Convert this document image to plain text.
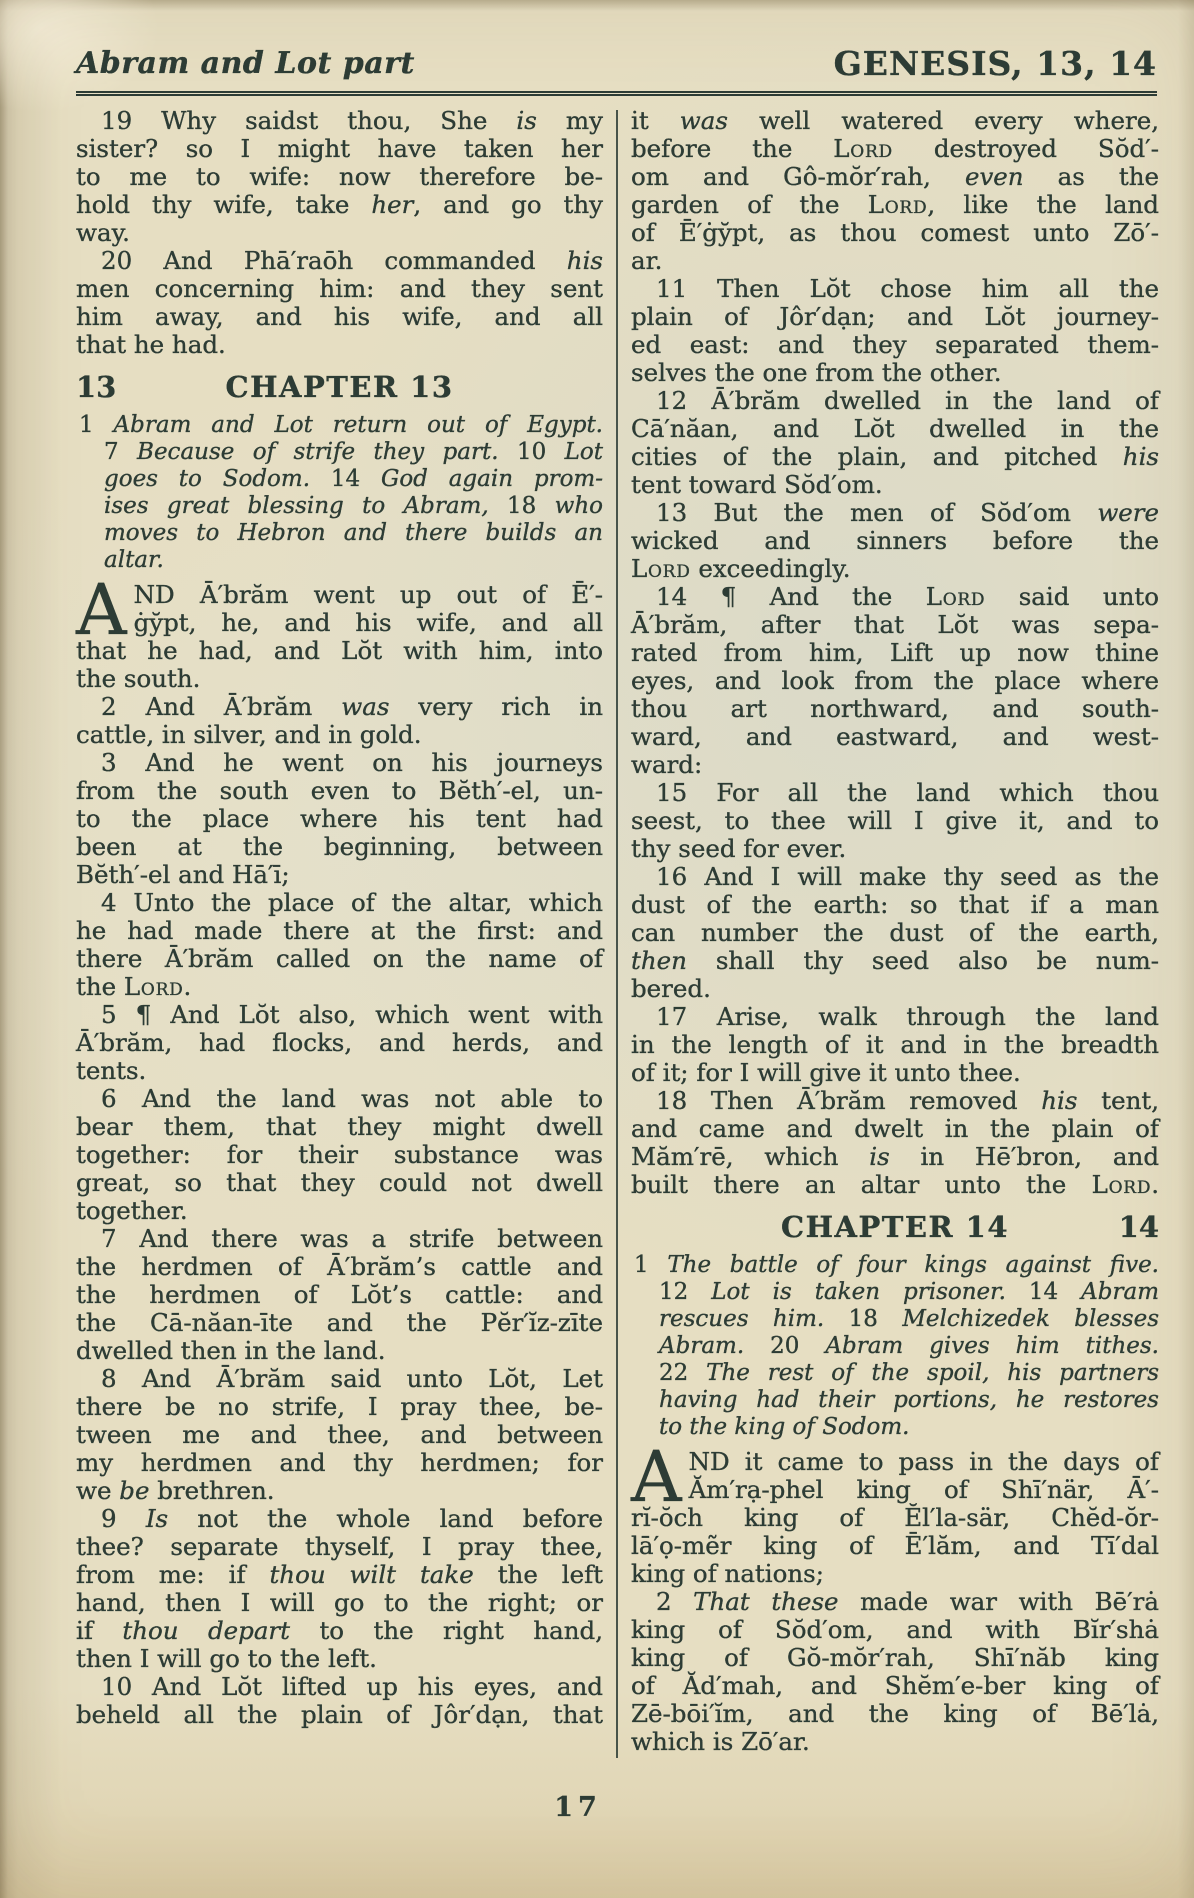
Abram and Lot part	GENESIS, 13, 14
19 Why saidst thou, She is my
sister? so I might have taken her
to me to wife: now therefore be-
hold thy wife, take her, and go thy
way.
20 And Phā′raōh commanded his
men concerning him: and they sent
him away, and his wife, and all
that he had.
13	CHAPTER 13
1 Abram and Lot return out of Egypt.
7 Because of strife they part. 10 Lot
goes to Sodom. 14 God again prom-
ises great blessing to Abram, 18 who
moves to Hebron and there builds an
altar.
A ND Ā′brăm went up out of Ē′-
ġy̆pt, he, and his wife, and all
that he had, and Lŏt with him, into
the south.
2 And Ā′brăm was very rich in
cattle, in silver, and in gold.
3 And he went on his journeys
from the south even to Bĕth′-el, un-
to the place where his tent had
been at the beginning, between
Bĕth′-el and Hā′ī;
4 Unto the place of the altar, which
he had made there at the first: and
there Ā′brăm called on the name of
the Lord.
5 ¶ And Lŏt also, which went with
Ā′brăm, had flocks, and herds, and
tents.
6 And the land was not able to
bear them, that they might dwell
together: for their substance was
great, so that they could not dwell
together.
7 And there was a strife between
the herdmen of Ā′brăm’s cattle and
the herdmen of Lŏt’s cattle: and
the Cā-năan-īte and the Pĕr′ĭz-zīte
dwelled then in the land.
8 And Ā′brăm said unto Lŏt, Let
there be no strife, I pray thee, be-
tween me and thee, and between
my herdmen and thy herdmen; for
we be brethren.
9 Is not the whole land before
thee? separate thyself, I pray thee,
from me: if thou wilt take the left
hand, then I will go to the right; or
if thou depart to the right hand,
then I will go to the left.
10 And Lŏt lifted up his eyes, and
beheld all the plain of Jôr′dạn, that
it was well watered every where,
before the Lord destroyed Sŏd′-
om and Gô-mŏr′rah, even as the
garden of the Lord, like the land
of Ē′ġy̆pt, as thou comest unto Zō′-
ar.
11 Then Lŏt chose him all the
plain of Jôr′dạn; and Lŏt journey-
ed east: and they separated them-
selves the one from the other.
12 Ā′brăm dwelled in the land of
Cā′năan, and Lŏt dwelled in the
cities of the plain, and pitched his
tent toward Sŏd′om.
13 But the men of Sŏd′om were
wicked and sinners before the
Lord exceedingly.
14 ¶ And the Lord said unto
Ā′brăm, after that Lŏt was sepa-
rated from him, Lift up now thine
eyes, and look from the place where
thou art northward, and south-
ward, and eastward, and west-
ward:
15 For all the land which thou
seest, to thee will I give it, and to
thy seed for ever.
16 And I will make thy seed as the
dust of the earth: so that if a man
can number the dust of the earth,
then shall thy seed also be num-
bered.
17 Arise, walk through the land
in the length of it and in the breadth
of it; for I will give it unto thee.
18 Then Ā′brăm removed his tent,
and came and dwelt in the plain of
Măm′rē, which is in Hē′bron, and
built there an altar unto the Lord.
CHAPTER 14	14
1 The battle of four kings against five.
12 Lot is taken prisoner. 14 Abram
rescues him. 18 Melchizedek blesses
Abram. 20 Abram gives him tithes.
22 The rest of the spoil, his partners
having had their portions, he restores
to the king of Sodom.
A ND it came to pass in the days of
Ăm′rạ-phel king of Shī′när, Ā′-
rĭ-ŏch king of Ĕl′la-sär, Chĕd-ŏr-
lā′ọ-mẽr king of Ē′lăm, and Tī′dal
king of nations;
2 That these made war with Bē′rȧ
king of Sŏd′om, and with Bĭr′shȧ
king of Gŏ-mŏr′rah, Shī′năb king
of Ăd′mah, and Shĕm′e-ber king of
Zē-bōi′ĭm, and the king of Bē′lȧ,
which is Zō′ar.
17
